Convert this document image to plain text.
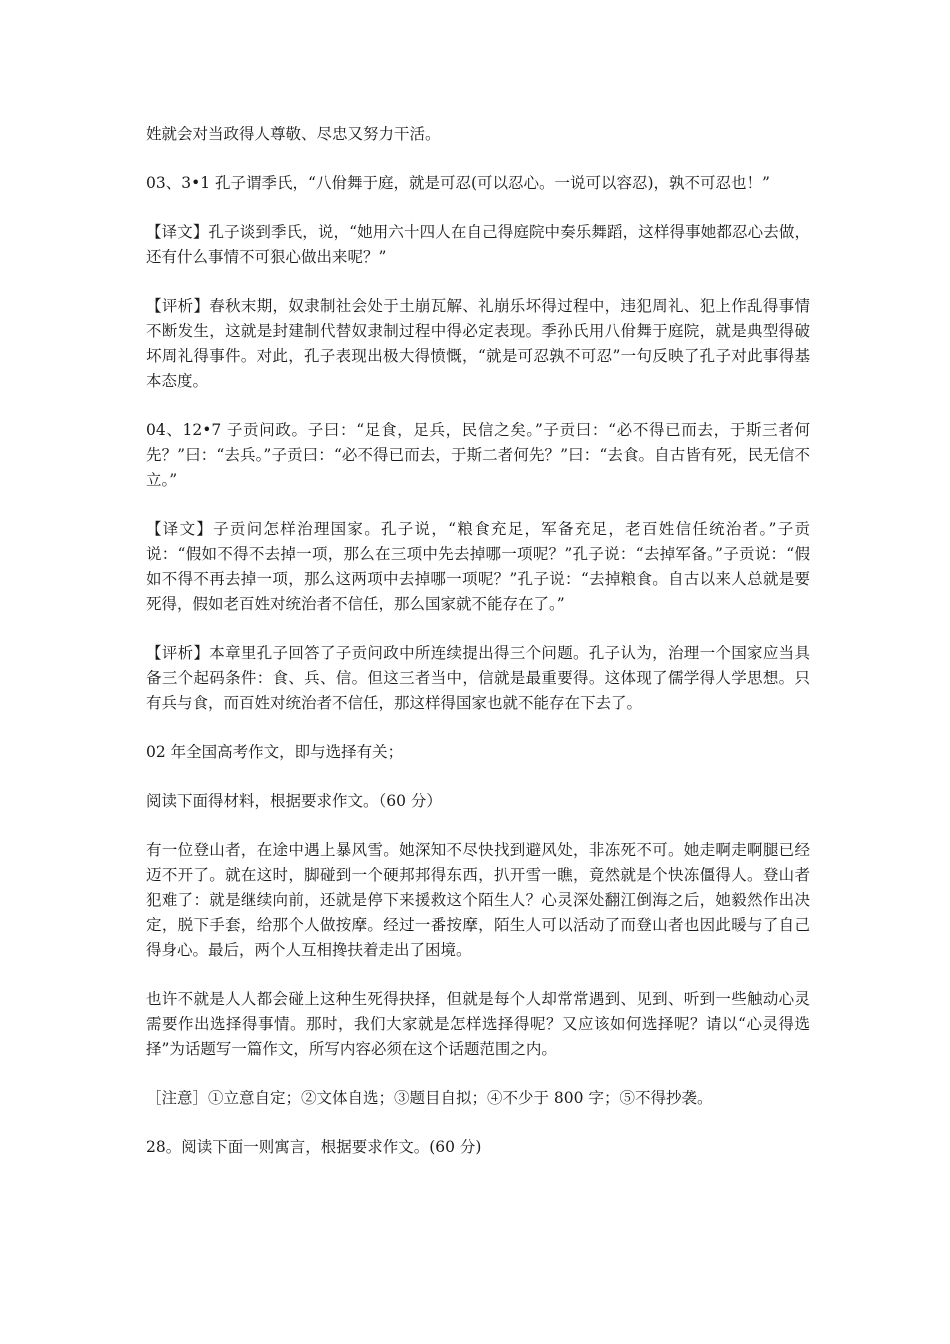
姓就会对当政得人尊敬、尽忠又努力干活。

03、3•1 孔子谓季氏，“八佾舞于庭，就是可忍(可以忍心。一说可以容忍)，孰不可忍也！”

【译文】孔子谈到季氏，说，“她用六十四人在自己得庭院中奏乐舞蹈，这样得事她都忍心去做，还有什么事情不可狠心做出来呢？”

【评析】春秋末期，奴隶制社会处于土崩瓦解、礼崩乐坏得过程中，违犯周礼、犯上作乱得事情不断发生，这就是封建制代替奴隶制过程中得必定表现。季孙氏用八佾舞于庭院，就是典型得破坏周礼得事件。对此，孔子表现出极大得愤慨，“就是可忍孰不可忍”一句反映了孔子对此事得基本态度。

04、12•7 子贡问政。子曰：“足食，足兵，民信之矣。”子贡曰：“必不得已而去，于斯三者何先？”曰：“去兵。”子贡曰：“必不得已而去，于斯二者何先？”曰：“去食。自古皆有死，民无信不立。”

【译文】子贡问怎样治理国家。孔子说，“粮食充足，军备充足，老百姓信任统治者。”子贡说：“假如不得不去掉一项，那么在三项中先去掉哪一项呢？”孔子说：“去掉军备。”子贡说：“假如不得不再去掉一项，那么这两项中去掉哪一项呢？”孔子说：“去掉粮食。自古以来人总就是要死得，假如老百姓对统治者不信任，那么国家就不能存在了。”

【评析】本章里孔子回答了子贡问政中所连续提出得三个问题。孔子认为，治理一个国家应当具备三个起码条件：食、兵、信。但这三者当中，信就是最重要得。这体现了儒学得人学思想。只有兵与食，而百姓对统治者不信任，那这样得国家也就不能存在下去了。

02 年全国高考作文，即与选择有关；

阅读下面得材料，根据要求作文。（60 分）

有一位登山者，在途中遇上暴风雪。她深知不尽快找到避风处，非冻死不可。她走啊走啊腿已经迈不开了。就在这时，脚碰到一个硬邦邦得东西，扒开雪一瞧，竟然就是个快冻僵得人。登山者犯难了：就是继续向前，还就是停下来援救这个陌生人？心灵深处翻江倒海之后，她毅然作出决定，脱下手套，给那个人做按摩。经过一番按摩，陌生人可以活动了而登山者也因此暖与了自己得身心。最后，两个人互相搀扶着走出了困境。

也许不就是人人都会碰上这种生死得抉择，但就是每个人却常常遇到、见到、听到一些触动心灵需要作出选择得事情。那时，我们大家就是怎样选择得呢？又应该如何选择呢？请以“心灵得选择”为话题写一篇作文，所写内容必须在这个话题范围之内。

［注意］①立意自定；②文体自选；③题目自拟；④不少于 800 字；⑤不得抄袭。

28。阅读下面一则寓言，根据要求作文。(60 分)
